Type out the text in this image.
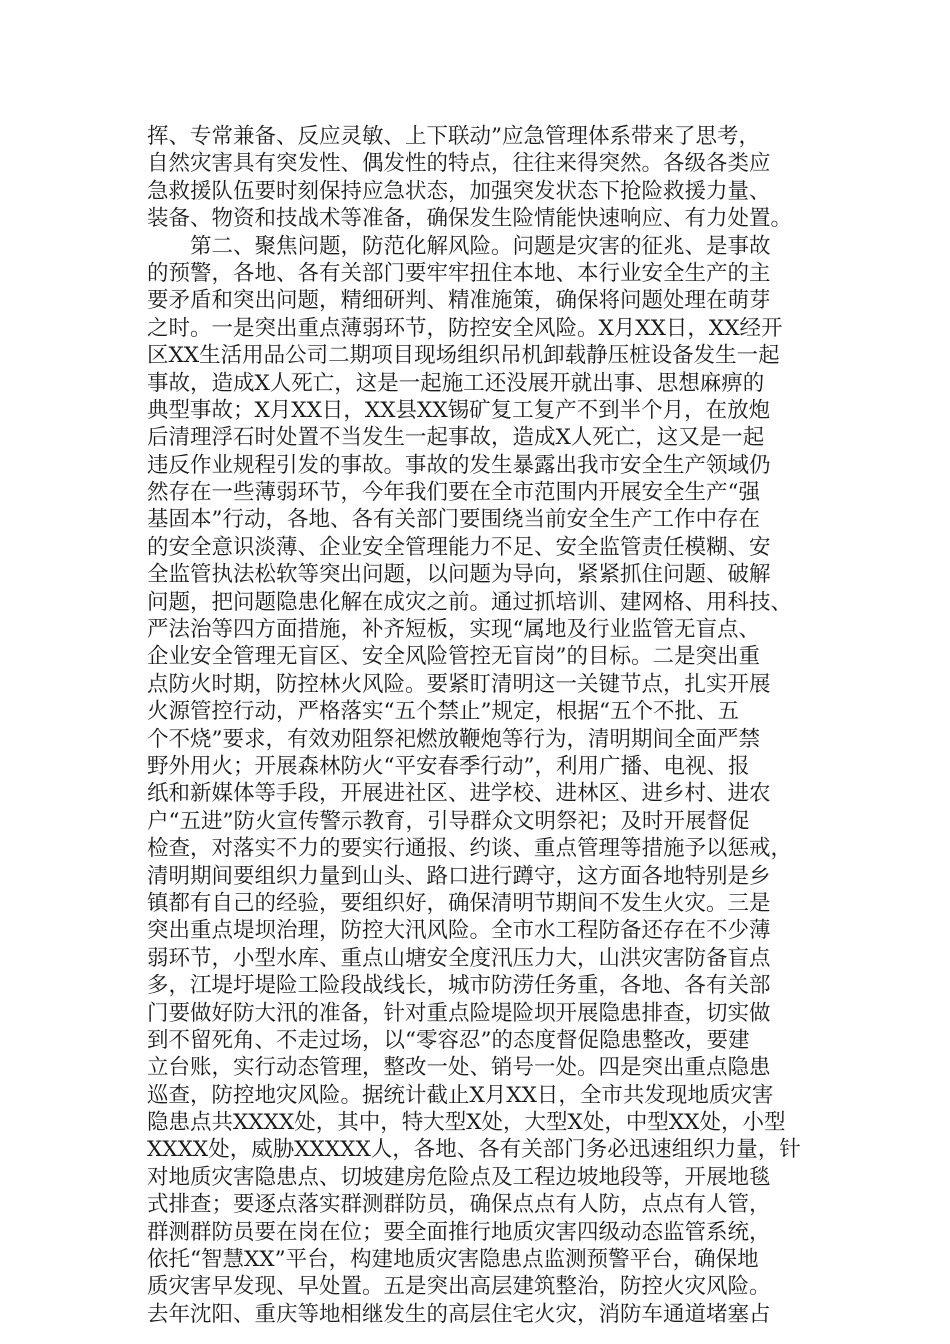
挥、专常兼备、反应灵敏、上下联动”应急管理体系带来了思考，
自然灾害具有突发性、偶发性的特点，往往来得突然。各级各类应
急救援队伍要时刻保持应急状态，加强突发状态下抢险救援力量、
装备、物资和技战术等准备，确保发生险情能快速响应、有力处置。
　　第二、聚焦问题，防范化解风险。问题是灾害的征兆、是事故
的预警，各地、各有关部门要牢牢扭住本地、本行业安全生产的主
要矛盾和突出问题，精细研判、精准施策，确保将问题处理在萌芽
之时。一是突出重点薄弱环节，防控安全风险。X月XX日，XX经开
区XX生活用品公司二期项目现场组织吊机卸载静压桩设备发生一起
事故，造成X人死亡，这是一起施工还没展开就出事、思想麻痹的
典型事故；X月XX日，XX县XX锡矿复工复产不到半个月，在放炮
后清理浮石时处置不当发生一起事故，造成X人死亡，这又是一起
违反作业规程引发的事故。事故的发生暴露出我市安全生产领域仍
然存在一些薄弱环节，今年我们要在全市范围内开展安全生产“强
基固本”行动，各地、各有关部门要围绕当前安全生产工作中存在
的安全意识淡薄、企业安全管理能力不足、安全监管责任模糊、安
全监管执法松软等突出问题，以问题为导向，紧紧抓住问题、破解
问题，把问题隐患化解在成灾之前。通过抓培训、建网格、用科技、
严法治等四方面措施，补齐短板，实现“属地及行业监管无盲点、
企业安全管理无盲区、安全风险管控无盲岗”的目标。二是突出重
点防火时期，防控林火风险。要紧盯清明这一关键节点，扎实开展
火源管控行动，严格落实“五个禁止”规定，根据“五个不批、五
个不烧”要求，有效劝阻祭祀燃放鞭炮等行为，清明期间全面严禁
野外用火；开展森林防火“平安春季行动”，利用广播、电视、报
纸和新媒体等手段，开展进社区、进学校、进林区、进乡村、进农
户“五进”防火宣传警示教育，引导群众文明祭祀；及时开展督促
检查，对落实不力的要实行通报、约谈、重点管理等措施予以惩戒，
清明期间要组织力量到山头、路口进行蹲守，这方面各地特别是乡
镇都有自己的经验，要组织好，确保清明节期间不发生火灾。三是
突出重点堤坝治理，防控大汛风险。全市水工程防备还存在不少薄
弱环节，小型水库、重点山塘安全度汛压力大，山洪灾害防备盲点
多，江堤圩堤险工险段战线长，城市防涝任务重，各地、各有关部
门要做好防大汛的准备，针对重点险堤险坝开展隐患排查，切实做
到不留死角、不走过场，以“零容忍”的态度督促隐患整改，要建
立台账，实行动态管理，整改一处、销号一处。四是突出重点隐患
巡查，防控地灾风险。据统计截止X月XX日，全市共发现地质灾害
隐患点共XXXX处，其中，特大型X处，大型X处，中型XX处，小型
XXXX处，威胁XXXXX人，各地、各有关部门务必迅速组织力量，针
对地质灾害隐患点、切坡建房危险点及工程边坡地段等，开展地毯
式排查；要逐点落实群测群防员，确保点点有人防，点点有人管，
群测群防员要在岗在位；要全面推行地质灾害四级动态监管系统，
依托“智慧XX”平台，构建地质灾害隐患点监测预警平台，确保地
质灾害早发现、早处置。五是突出高层建筑整治，防控火灾风险。
去年沈阳、重庆等地相继发生的高层住宅火灾，消防车通道堵塞占
